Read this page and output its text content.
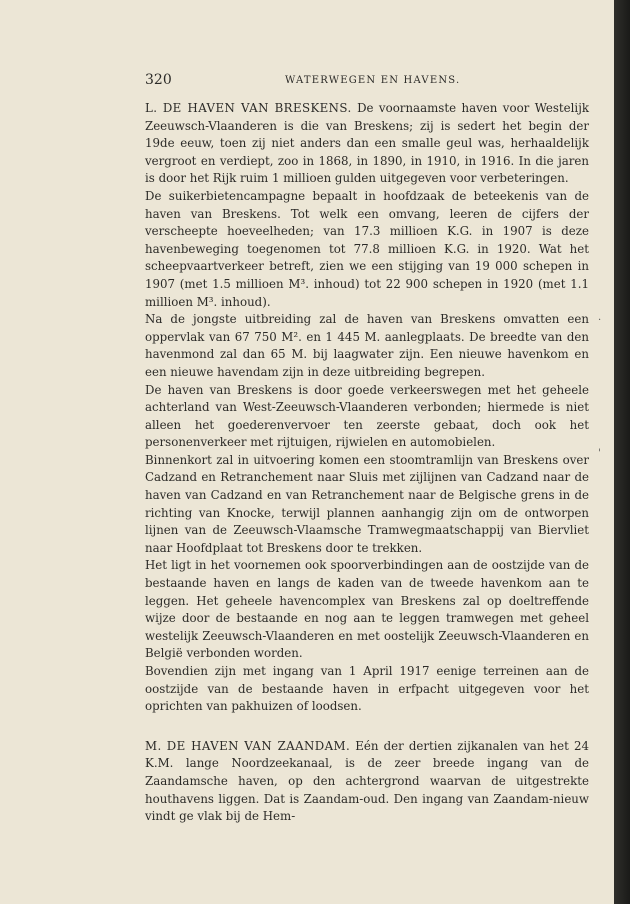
320	WATERWEGEN EN HAVENS.

L. DE HAVEN VAN BRESKENS. De voornaamste haven voor Westelijk Zeeuwsch-Vlaanderen is die van Breskens; zij is sedert het begin der 19de eeuw, toen zij niet anders dan een smalle geul was, herhaaldelijk vergroot en verdiept, zoo in 1868, in 1890, in 1910, in 1916. In die jaren is door het Rijk ruim 1 millioen gulden uitgegeven voor verbeteringen.

De suikerbietencampagne bepaalt in hoofdzaak de beteekenis van de haven van Breskens. Tot welk een omvang, leeren de cijfers der verscheepte hoeveelheden; van 17.3 millioen K.G. in 1907 is deze havenbeweging toegenomen tot 77.8 millioen K.G. in 1920. Wat het scheepvaartverkeer betreft, zien we een stijging van 19 000 schepen in 1907 (met 1.5 millioen M³. inhoud) tot 22 900 schepen in 1920 (met 1.1 millioen M³. inhoud).

Na de jongste uitbreiding zal de haven van Breskens omvatten een oppervlak van 67 750 M². en 1 445 M. aanlegplaats. De breedte van den havenmond zal dan 65 M. bij laagwater zijn. Een nieuwe havenkom en een nieuwe havendam zijn in deze uitbreiding begrepen.

De haven van Breskens is door goede verkeerswegen met het geheele achterland van West-Zeeuwsch-Vlaanderen verbonden; hiermede is niet alleen het goederenvervoer ten zeerste gebaat, doch ook het personenverkeer met rijtuigen, rijwielen en automobielen.

Binnenkort zal in uitvoering komen een stoomtramlijn van Breskens over Cadzand en Retranchement naar Sluis met zijlijnen van Cadzand naar de haven van Cadzand en van Retranchement naar de Belgische grens in de richting van Knocke, terwijl plannen aanhangig zijn om de ontworpen lijnen van de Zeeuwsch-Vlaamsche Tramwegmaatschappij van Biervliet naar Hoofdplaat tot Breskens door te trekken.

Het ligt in het voornemen ook spoorverbindingen aan de oostzijde van de bestaande haven en langs de kaden van de tweede havenkom aan te leggen. Het geheele havencomplex van Breskens zal op doeltreffende wijze door de bestaande en nog aan te leggen tramwegen met geheel westelijk Zeeuwsch-Vlaanderen en met oostelijk Zeeuwsch-Vlaanderen en België verbonden worden.

Bovendien zijn met ingang van 1 April 1917 eenige terreinen aan de oostzijde van de bestaande haven in erfpacht uitgegeven voor het oprichten van pakhuizen of loodsen.

M. DE HAVEN VAN ZAANDAM. Eén der dertien zijkanalen van het 24 K.M. lange Noordzeekanaal, is de zeer breede ingang van de Zaandamsche haven, op den achtergrond waarvan de uitgestrekte houthavens liggen. Dat is Zaandam-oud. Den ingang van Zaandam-nieuw vindt ge vlak bij de Hem-

.
'
